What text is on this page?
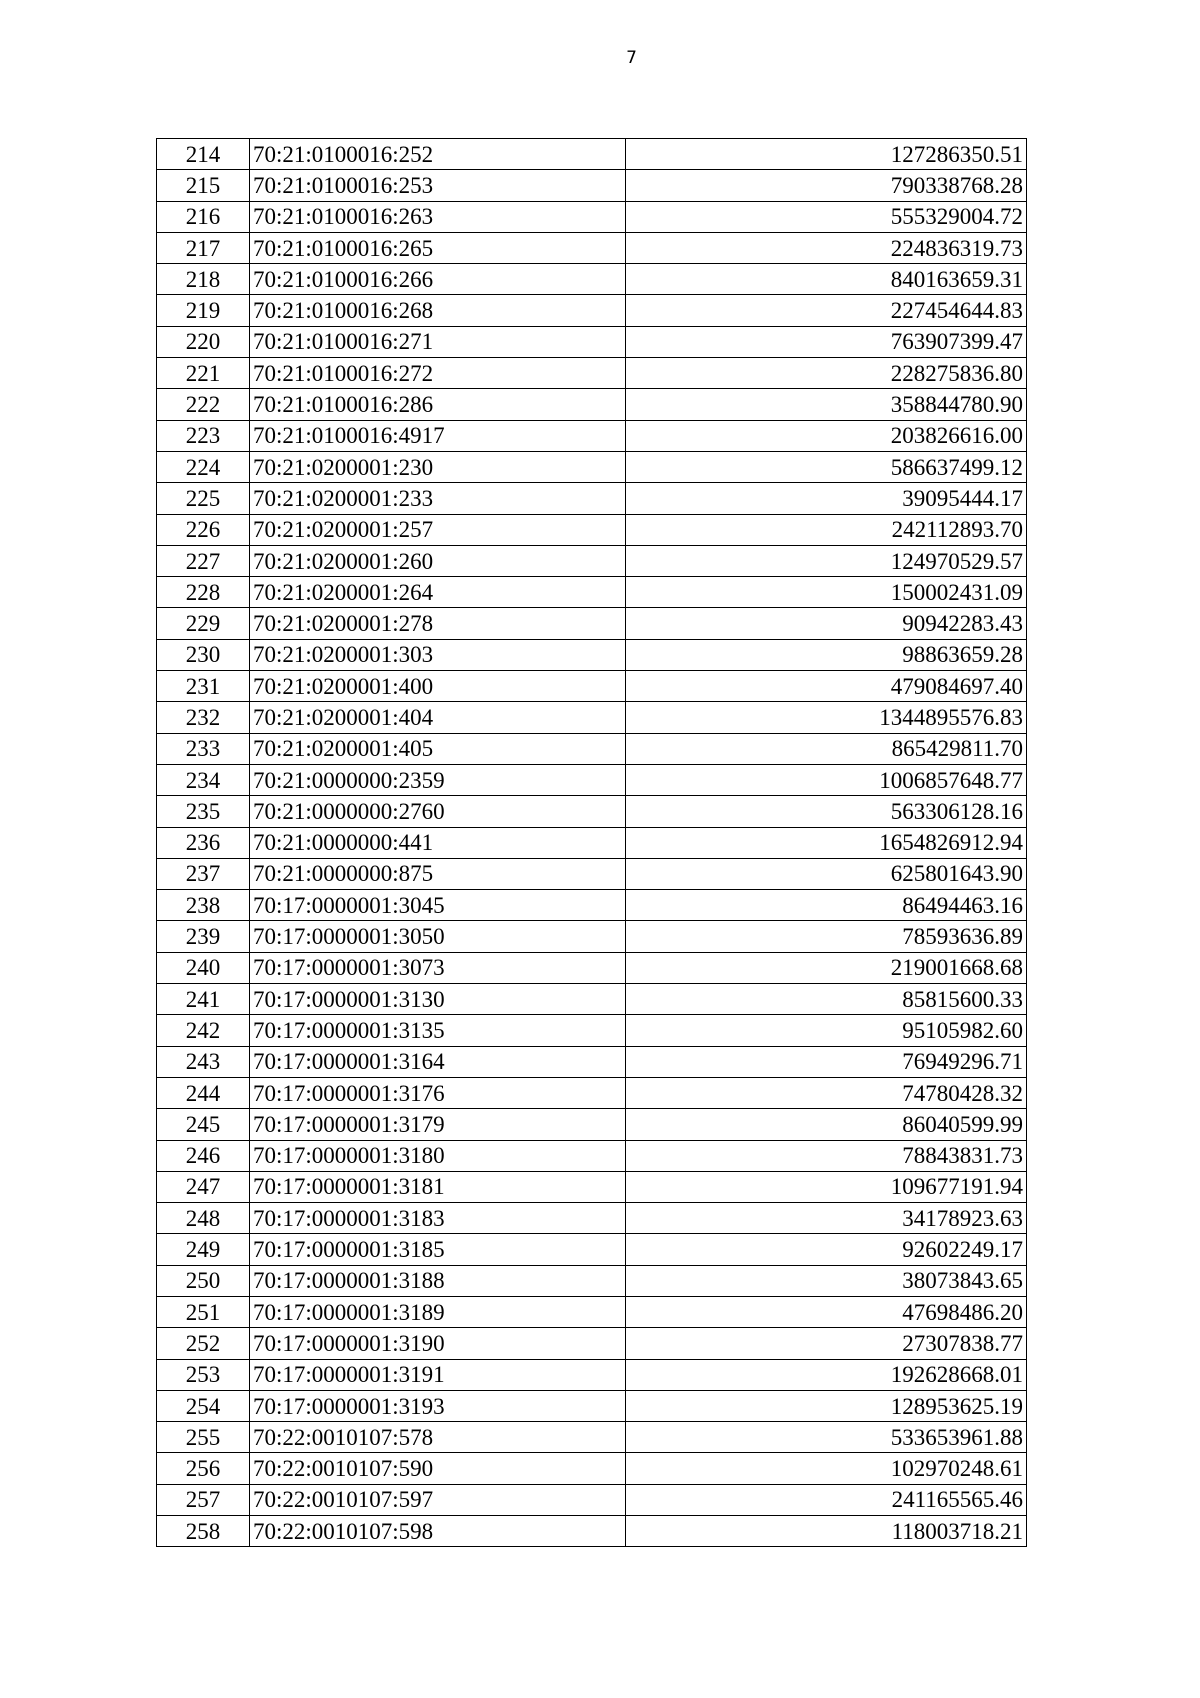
7
214	70:21:0100016:252	127286350.51
215	70:21:0100016:253	790338768.28
216	70:21:0100016:263	555329004.72
217	70:21:0100016:265	224836319.73
218	70:21:0100016:266	840163659.31
219	70:21:0100016:268	227454644.83
220	70:21:0100016:271	763907399.47
221	70:21:0100016:272	228275836.80
222	70:21:0100016:286	358844780.90
223	70:21:0100016:4917	203826616.00
224	70:21:0200001:230	586637499.12
225	70:21:0200001:233	39095444.17
226	70:21:0200001:257	242112893.70
227	70:21:0200001:260	124970529.57
228	70:21:0200001:264	150002431.09
229	70:21:0200001:278	90942283.43
230	70:21:0200001:303	98863659.28
231	70:21:0200001:400	479084697.40
232	70:21:0200001:404	1344895576.83
233	70:21:0200001:405	865429811.70
234	70:21:0000000:2359	1006857648.77
235	70:21:0000000:2760	563306128.16
236	70:21:0000000:441	1654826912.94
237	70:21:0000000:875	625801643.90
238	70:17:0000001:3045	86494463.16
239	70:17:0000001:3050	78593636.89
240	70:17:0000001:3073	219001668.68
241	70:17:0000001:3130	85815600.33
242	70:17:0000001:3135	95105982.60
243	70:17:0000001:3164	76949296.71
244	70:17:0000001:3176	74780428.32
245	70:17:0000001:3179	86040599.99
246	70:17:0000001:3180	78843831.73
247	70:17:0000001:3181	109677191.94
248	70:17:0000001:3183	34178923.63
249	70:17:0000001:3185	92602249.17
250	70:17:0000001:3188	38073843.65
251	70:17:0000001:3189	47698486.20
252	70:17:0000001:3190	27307838.77
253	70:17:0000001:3191	192628668.01
254	70:17:0000001:3193	128953625.19
255	70:22:0010107:578	533653961.88
256	70:22:0010107:590	102970248.61
257	70:22:0010107:597	241165565.46
258	70:22:0010107:598	118003718.21
